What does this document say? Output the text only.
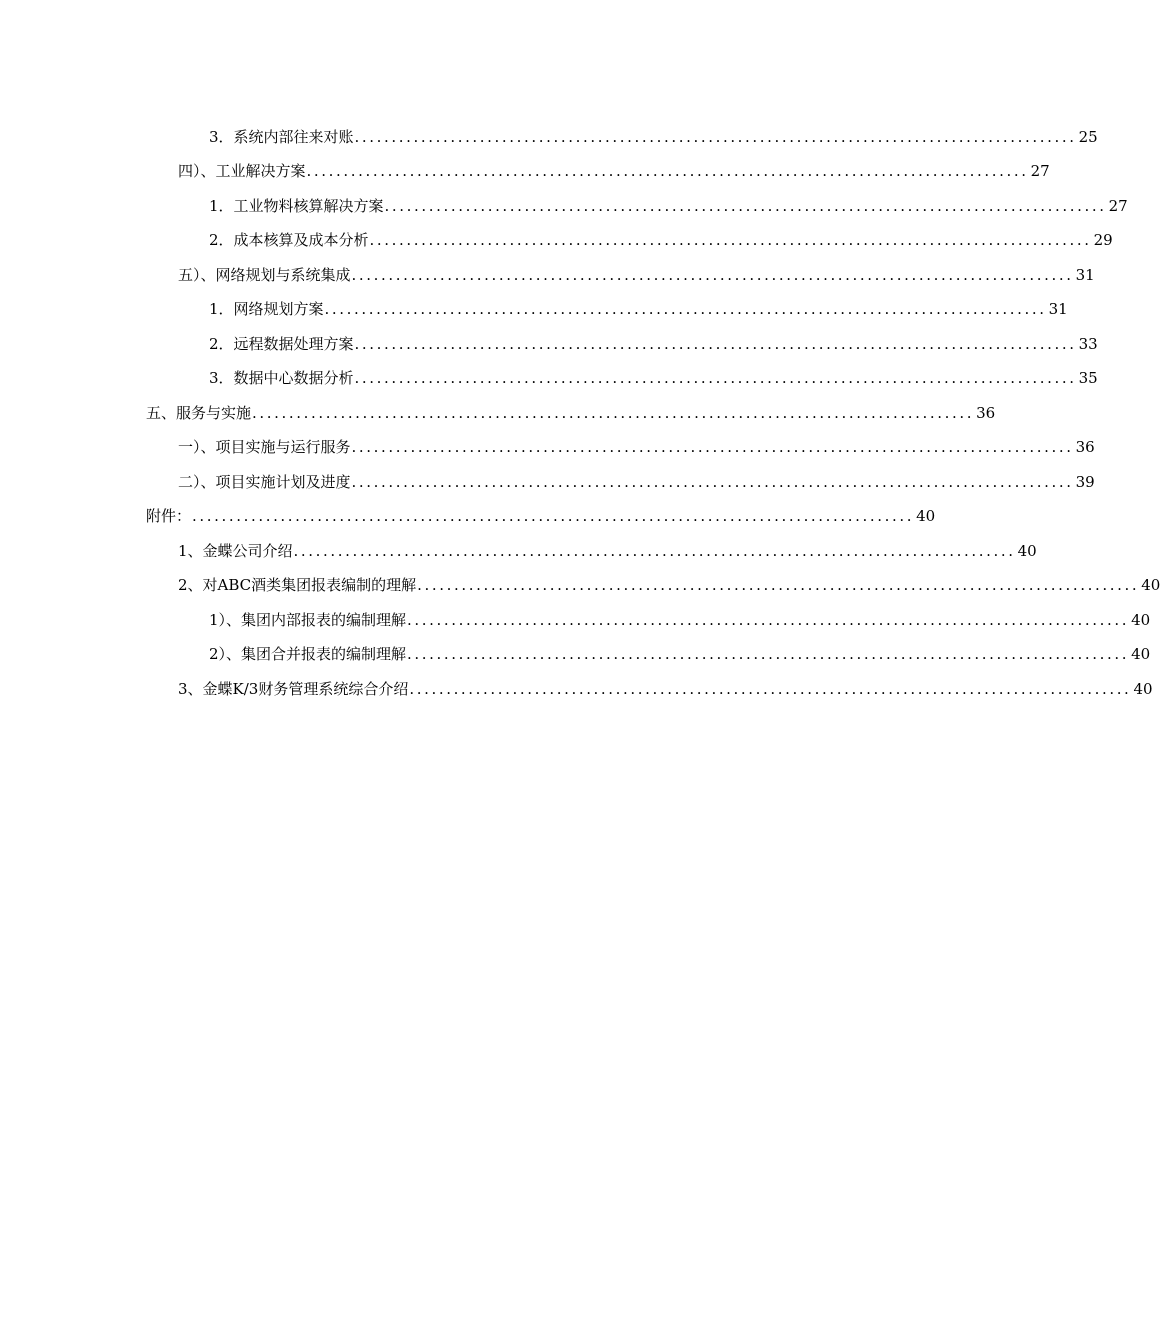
3．系统内部往来对账 .................................................................................................. 25
四）、工业解决方案 .................................................................................................. 27
1．工业物料核算解决方案 .................................................................................................. 27
2．成本核算及成本分析 .................................................................................................. 29
五）、网络规划与系统集成 .................................................................................................. 31
1．网络规划方案 .................................................................................................. 31
2．远程数据处理方案 .................................................................................................. 33
3．数据中心数据分析 .................................................................................................. 35
五、 服务与实施 .................................................................................................. 36
一）、项目实施与运行服务 .................................................................................................. 36
二）、项目实施计划及进度 .................................................................................................. 39
附件： .................................................................................................. 40
1、金蝶公司介绍 .................................................................................................. 40
2、对ABC酒类集团报表编制的理解 .................................................................................................. 40
1）、集团内部报表的编制理解 .................................................................................................. 40
2）、集团合并报表的编制理解 .................................................................................................. 40
3、金蝶K/3财务管理系统综合介绍 .................................................................................................. 40
